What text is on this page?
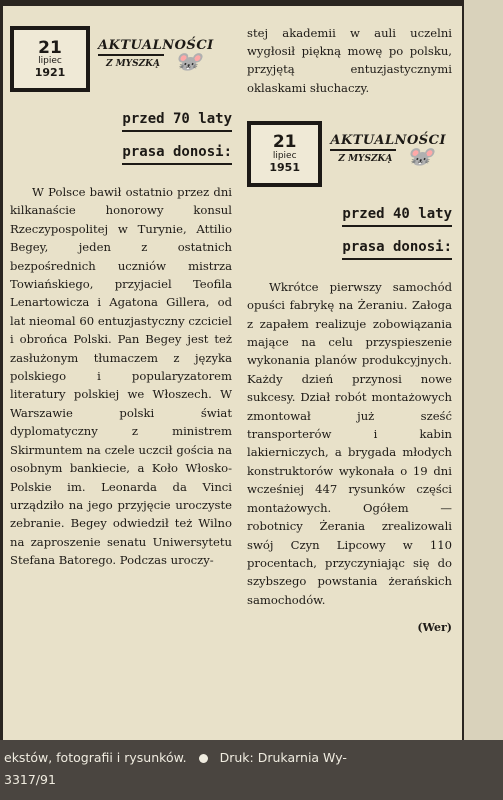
21
lipiec
1921
AKTUALNOŚCI
Z MYSZKĄ 🐭
przed 70 laty
prasa donosi:

W Polsce bawił ostatnio przez dni kilkanaście honorowy konsul Rzeczypospolitej w Turynie, Attilio Begey, jeden z ostatnich bezpośrednich uczniów mistrza Towiańskiego, przyjaciel Teofila Lenartowicza i Agatona Gillera, od lat nieomal 60 entuzjastyczny czciciel i obrońca Polski. Pan Begey jest też zasłużonym tłumaczem z języka polskiego i popularyzatorem literatury polskiej we Włoszech. W Warszawie polski świat dyplomatyczny z ministrem Skirmuntem na czele uczcił gościa na osobnym bankiecie, a Koło Włosko-Polskie im. Leonarda da Vinci urządziło na jego przyjęcie uroczyste zebranie. Begey odwiedził też Wilno na zaproszenie senatu Uniwersytetu Stefana Batorego. Podczas uroczy-

stej akademii w auli uczelni wygłosił piękną mowę po polsku, przyjętą entuzjastycznymi oklaskami słuchaczy.

21
lipiec
1951
AKTUALNOŚCI
Z MYSZKĄ 🐭
przed 40 laty
prasa donosi:

Wkrótce pierwszy samochód opuści fabrykę na Żeraniu. Załoga z zapałem realizuje zobowiązania mające na celu przyspieszenie wykonania planów produkcyjnych. Każdy dzień przynosi nowe sukcesy. Dział robót montażowych zmontował już sześć transporterów i kabin lakierniczych, a brygada młodych konstruktorów wykonała o 19 dni wcześniej 447 rysunków części montażowych. Ogółem — robotnicy Żerania zrealizowali swój Czyn Lipcowy w 110 procentach, przyczyniając się do szybszego powstania żerańskich samochodów.

(Wer)
ekstów, fotografii i rysunków.	Druk: Drukarnia Wy-
3317/91
